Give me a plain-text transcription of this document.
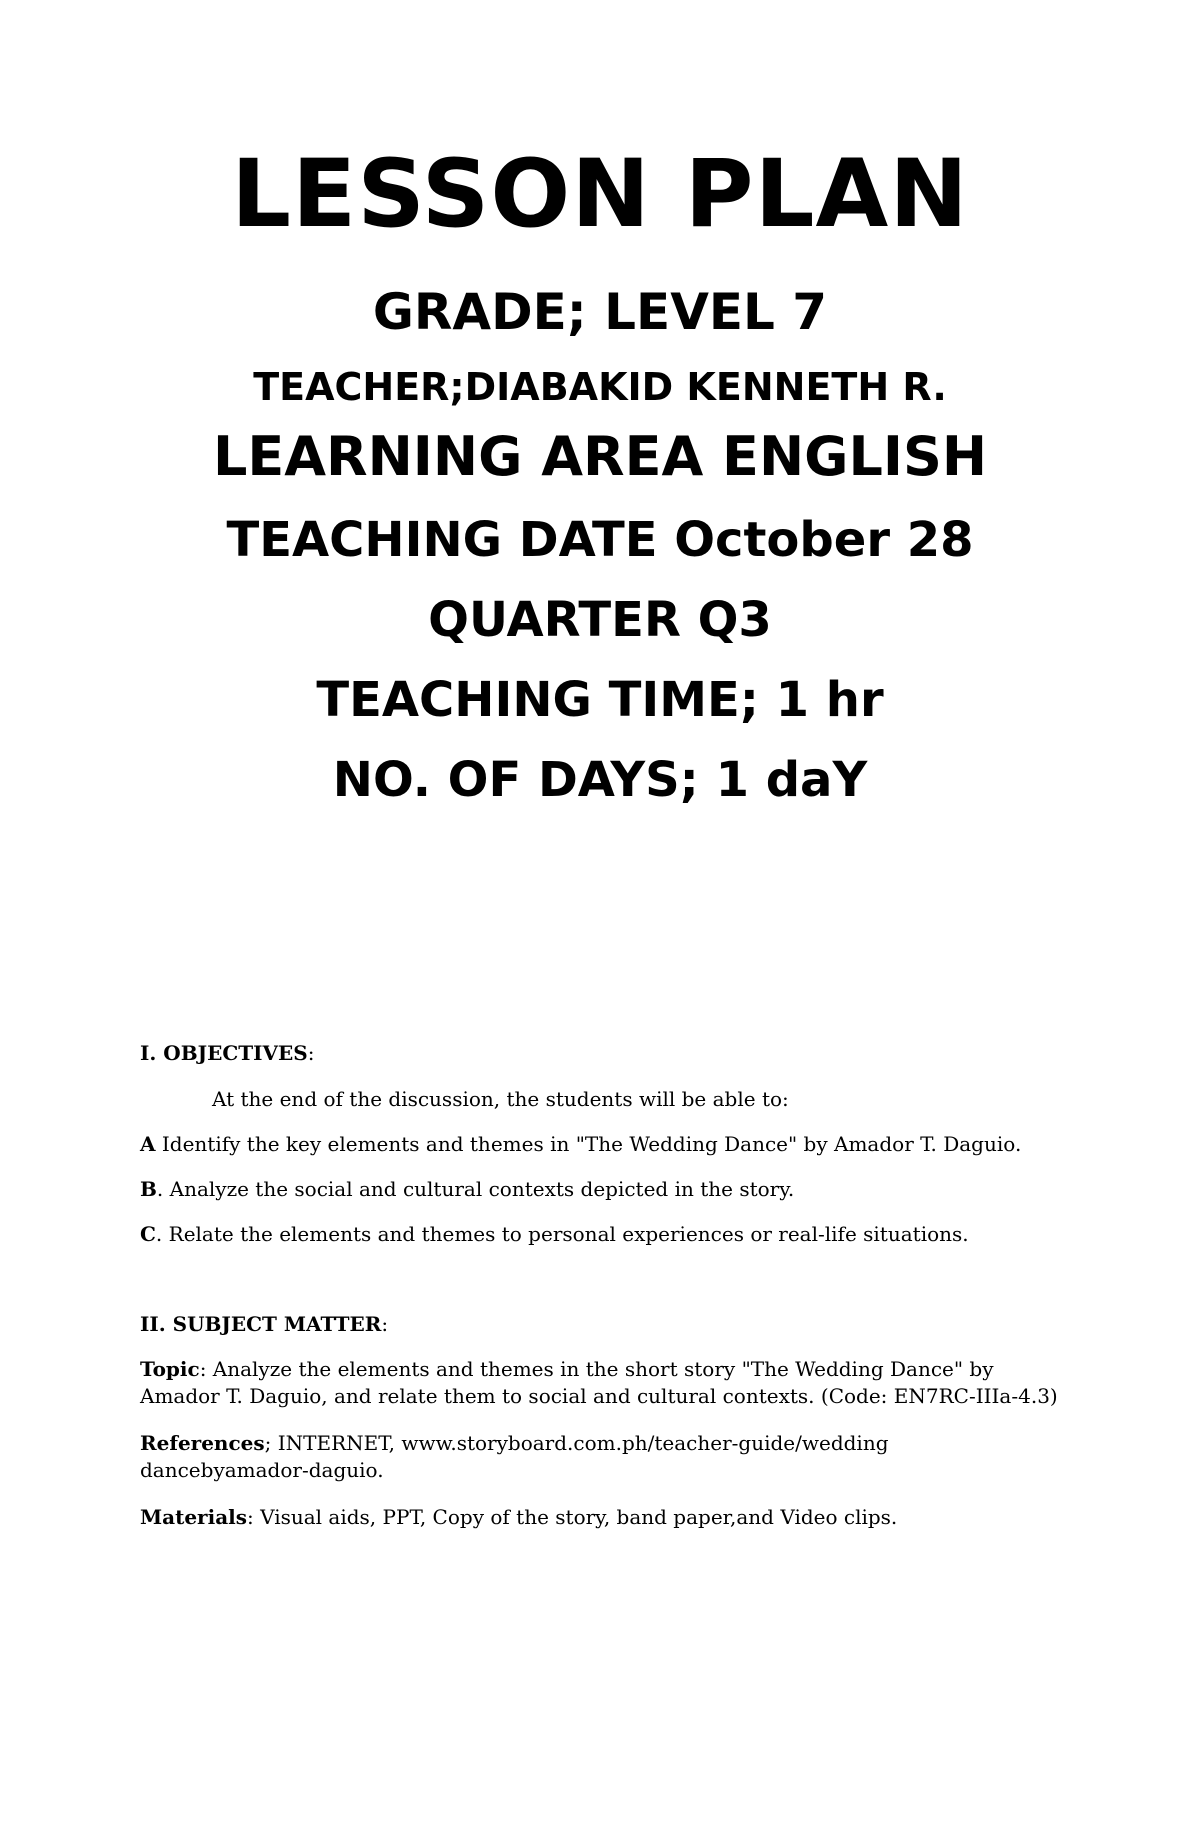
LESSON PLAN
GRADE; LEVEL 7
TEACHER;DIABAKID KENNETH R.
LEARNING AREA ENGLISH
TEACHING DATE October 28
QUARTER Q3
TEACHING TIME; 1 hr
NO. OF DAYS; 1 daY

I. OBJECTIVES:

At the end of the discussion, the students will be able to:

A Identify the key elements and themes in "The Wedding Dance" by Amador T. Daguio.

B. Analyze the social and cultural contexts depicted in the story.

C. Relate the elements and themes to personal experiences or real-life situations.

II. SUBJECT MATTER:

Topic: Analyze the elements and themes in the short story "The Wedding Dance" by Amador T. Daguio, and relate them to social and cultural contexts. (Code: EN7RC-IIIa-4.3)

References; INTERNET, www.storyboard.com.ph/teacher-guide/wedding dancebyamador-daguio.

Materials: Visual aids, PPT, Copy of the story, band paper,and Video clips.
